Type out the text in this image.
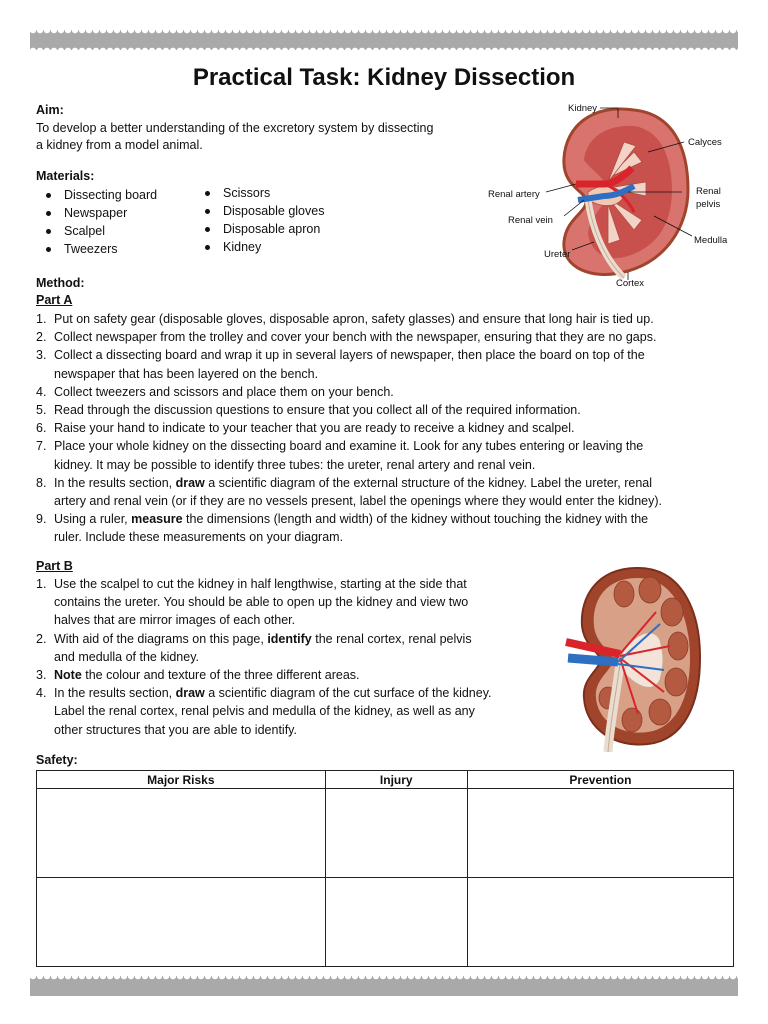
Practical Task: Kidney Dissection
Aim:
To develop a better understanding of the excretory system by dissecting
a kidney from a model animal.
Materials:
Dissecting board
Newspaper
Scalpel
Tweezers
Scissors
Disposable gloves
Disposable apron
Kidney
Kidney
Calyces
Renal artery	Renal
pelvis
Renal vein
Medulla
Ureter
Cortex
Method:
Part A
1. Put on safety gear (disposable gloves, disposable apron, safety glasses) and ensure that long hair is tied up.
2. Collect newspaper from the trolley and cover your bench with the newspaper, ensuring that they are no gaps.
3. Collect a dissecting board and wrap it up in several layers of newspaper, then place the board on top of the
newspaper that has been layered on the bench.
4. Collect tweezers and scissors and place them on your bench.
5. Read through the discussion questions to ensure that you collect all of the required information.
6. Raise your hand to indicate to your teacher that you are ready to receive a kidney and scalpel.
7. Place your whole kidney on the dissecting board and examine it. Look for any tubes entering or leaving the
kidney. It may be possible to identify three tubes: the ureter, renal artery and renal vein.
8. In the results section, draw a scientific diagram of the external structure of the kidney. Label the ureter, renal
artery and renal vein (or if they are no vessels present, label the openings where they would enter the kidney).
9. Using a ruler, measure the dimensions (length and width) of the kidney without touching the kidney with the
ruler. Include these measurements on your diagram.
Part B
1. Use the scalpel to cut the kidney in half lengthwise, starting at the side that
contains the ureter. You should be able to open up the kidney and view two
halves that are mirror images of each other.
2. With aid of the diagrams on this page, identify the renal cortex, renal pelvis
and medulla of the kidney.
3. Note the colour and texture of the three different areas.
4. In the results section, draw a scientific diagram of the cut surface of the kidney.
Label the renal cortex, renal pelvis and medulla of the kidney, as well as any
other structures that you are able to identify.
Safety:
Major Risks	Injury	Prevention
